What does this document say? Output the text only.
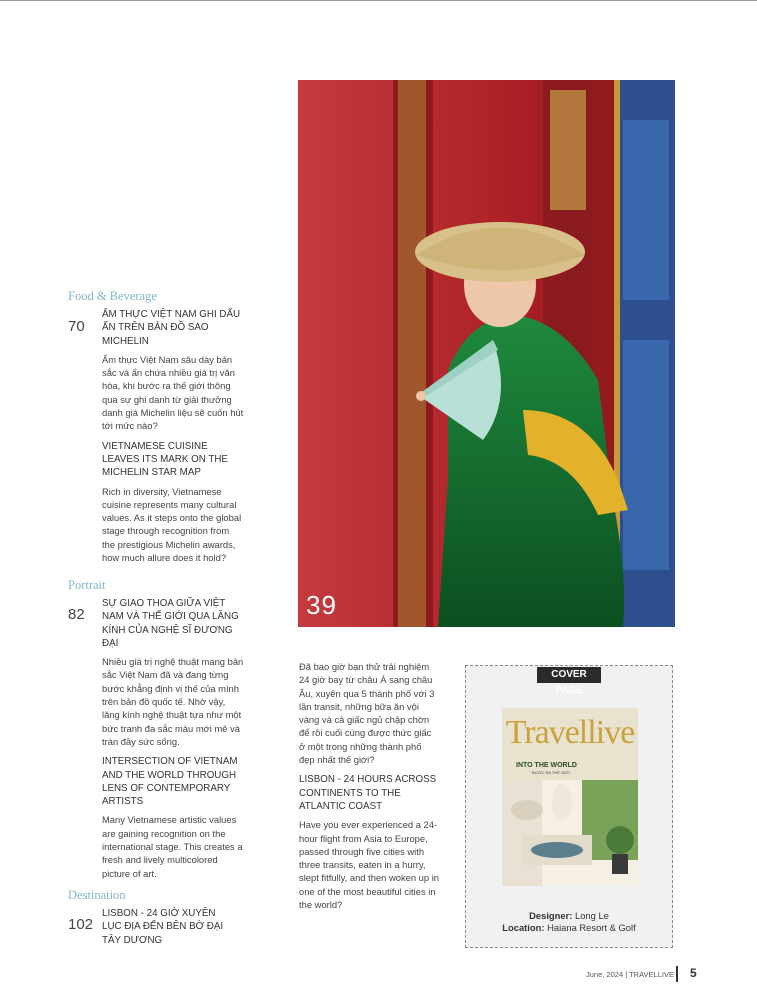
Food & Beverage
70

ẨM THỰC VIỆT NAM GHI DẤU ẤN TRÊN BẢN ĐỒ SAO MICHELIN

Ẩm thực Việt Nam sâu dày bản sắc và ẩn chứa nhiều giá trị văn hóa, khi bước ra thế giới thông qua sự ghi danh từ giải thưởng danh giá Michelin liệu sẽ cuốn hút tới mức nào?

VIETNAMESE CUISINE LEAVES ITS MARK ON THE MICHELIN STAR MAP

Rich in diversity, Vietnamese cuisine represents many cultural values. As it steps onto the global stage through recognition from the prestigious Michelin awards, how much allure does it hold?

Portrait
82

SỰ GIAO THOA GIỮA VIỆT NAM VÀ THẾ GIỚI QUA LĂNG KÍNH CỦA NGHỆ SĨ ĐƯƠNG ĐẠI

Nhiều giá trị nghệ thuật mang bản sắc Việt Nam đã và đang từng bước khẳng định vị thế của mình trên bản đồ quốc tế. Nhờ vậy, lăng kính nghệ thuật tựa như một bức tranh đa sắc màu mới mẻ và tràn đầy sức sống.

INTERSECTION OF VIETNAM AND THE WORLD THROUGH LENS OF CONTEMPORARY ARTISTS

Many Vietnamese artistic values are gaining recognition on the international stage. This creates a fresh and lively multicolored picture of art.

Destination
102

LISBON - 24 GIỜ XUYÊN LỤC ĐỊA ĐẾN BÊN BỜ ĐẠI TÂY DƯƠNG

39

Đã bao giờ bạn thử trải nghiệm 24 giờ bay từ châu Á sang châu Âu, xuyên qua 5 thành phố với 3 lần transit, những bữa ăn vội vàng và cả giấc ngủ chập chờn để rồi cuối cùng được thức giấc ở một trong những thành phố đẹp nhất thế giới?

LISBON - 24 HOURS ACROSS CONTINENTS TO THE ATLANTIC COAST

Have you ever experienced a 24-hour flight from Asia to Europe, passed through five cities with three transits, eaten in a hurry, slept fitfully, and then woken up in one of the most beautiful cities in the world?

COVER PAGE
Travellive
INTO THE WORLD
BƯỚC RA THẾ GIỚI
Designer: Long Le
Location: Haiana Resort & Golf
June, 2024 | TRAVELLIVE 5
